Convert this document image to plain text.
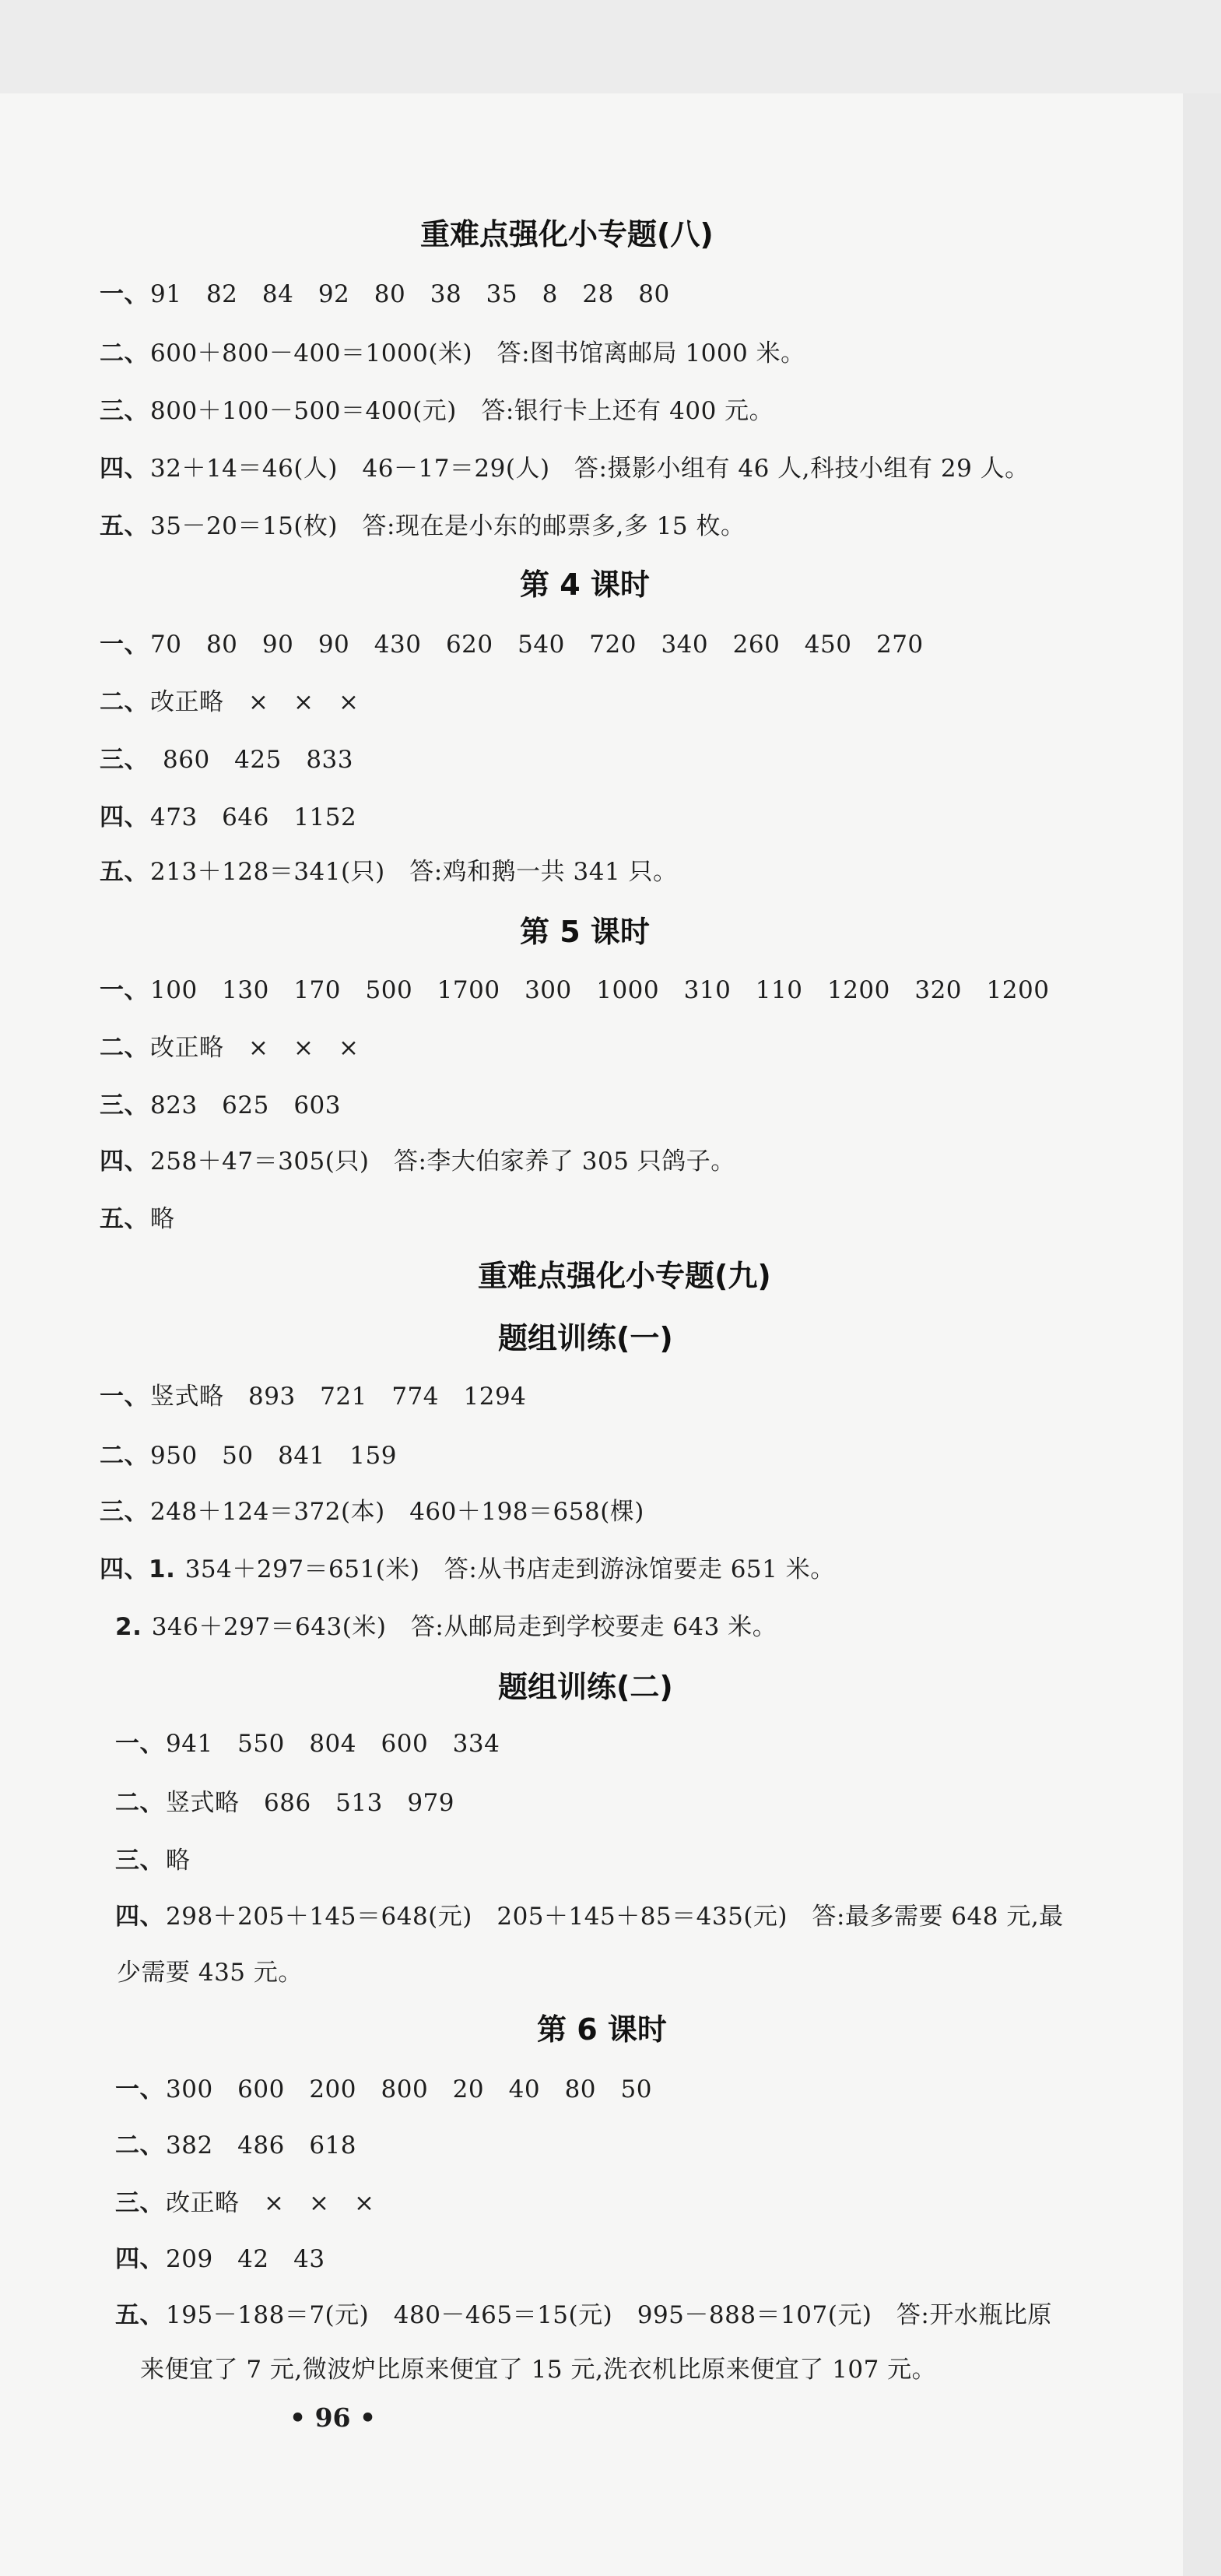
重难点强化小专题(八)
一、91　82　84　92　80　38　35　8　28　80
二、600＋800－400＝1000(米)　答:图书馆离邮局 1000 米。
三、800＋100－500＝400(元)　答:银行卡上还有 400 元。
四、32＋14＝46(人)　46－17＝29(人)　答:摄影小组有 46 人,科技小组有 29 人。
五、35－20＝15(枚)　答:现在是小东的邮票多,多 15 枚。
第 4 课时
一、70　80　90　90　430　620　540　720　340　260　450　270
二、改正略　×　×　×
三、　860　425　833
四、473　646　1152
五、213＋128＝341(只)　答:鸡和鹅一共 341 只。
第 5 课时
一、100　130　170　500　1700　300　1000　310　110　1200　320　1200
二、改正略　×　×　×
三、823　625　603
四、258＋47＝305(只)　答:李大伯家养了 305 只鸽子。
五、略
重难点强化小专题(九)
题组训练(一)
一、竖式略　893　721　774　1294
二、950　50　841　159
三、248＋124＝372(本)　460＋198＝658(棵)
四、1. 354＋297＝651(米)　答:从书店走到游泳馆要走 651 米。
2. 346＋297＝643(米)　答:从邮局走到学校要走 643 米。
题组训练(二)
一、941　550　804　600　334
二、竖式略　686　513　979
三、略
四、298＋205＋145＝648(元)　205＋145＋85＝435(元)　答:最多需要 648 元,最
少需要 435 元。
第 6 课时
一、300　600　200　800　20　40　80　50
二、382　486　618
三、改正略　×　×　×
四、209　42　43
五、195－188＝7(元)　480－465＝15(元)　995－888＝107(元)　答:开水瓶比原
来便宜了 7 元,微波炉比原来便宜了 15 元,洗衣机比原来便宜了 107 元。
• 96 •
